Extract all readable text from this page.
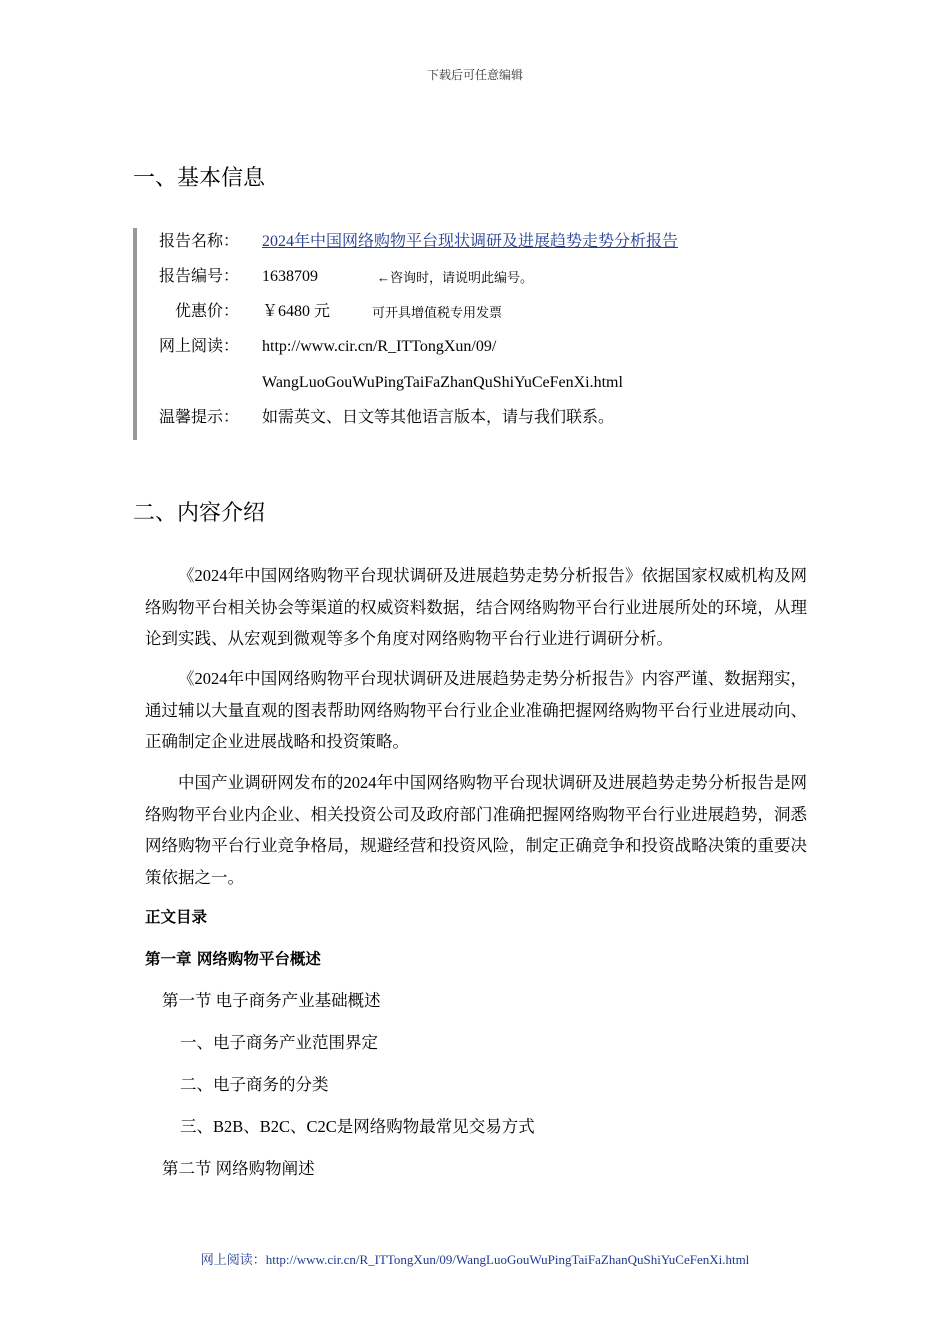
下载后可任意编辑
一、基本信息
报告名称： 2024年中国网络购物平台现状调研及进展趋势走势分析报告
报告编号： 1638709	←咨询时，请说明此编号。
优惠价： ￥6480 元	可开具增值税专用发票
网上阅读： http://www.cir.cn/R_ITTongXun/09/
WangLuoGouWuPingTaiFaZhanQuShiYuCeFenXi.html
温馨提示： 如需英文、日文等其他语言版本，请与我们联系。
二、内容介绍

《2024年中国网络购物平台现状调研及进展趋势走势分析报告》依据国家权威机构及网络购物平台相关协会等渠道的权威资料数据，结合网络购物平台行业进展所处的环境，从理论到实践、从宏观到微观等多个角度对网络购物平台行业进行调研分析。

《2024年中国网络购物平台现状调研及进展趋势走势分析报告》内容严谨、数据翔实，通过辅以大量直观的图表帮助网络购物平台行业企业准确把握网络购物平台行业进展动向、正确制定企业进展战略和投资策略。

中国产业调研网发布的2024年中国网络购物平台现状调研及进展趋势走势分析报告是网络购物平台业内企业、相关投资公司及政府部门准确把握网络购物平台行业进展趋势，洞悉网络购物平台行业竞争格局，规避经营和投资风险，制定正确竞争和投资战略决策的重要决策依据之一。

正文目录
第一章 网络购物平台概述
第一节 电子商务产业基础概述
一、电子商务产业范围界定
二、电子商务的分类
三、B2B、B2C、C2C是网络购物最常见交易方式
第二节 网络购物阐述
网上阅读：http://www.cir.cn/R_ITTongXun/09/WangLuoGouWuPingTaiFaZhanQuShiYuCeFenXi.html
